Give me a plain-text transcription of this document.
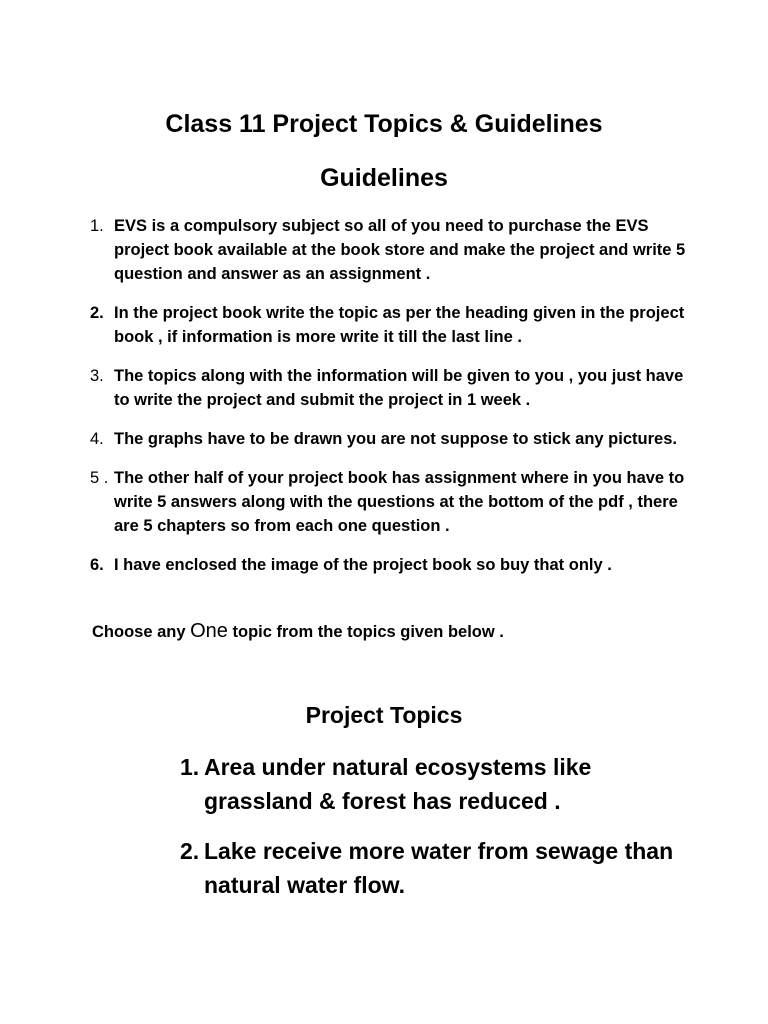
Class 11 Project Topics & Guidelines
Guidelines
1. EVS is a compulsory subject so all of you need to purchase the EVS project book available at the book store and make the project and write 5 question and answer as an assignment .
2. In the project book write the topic as per the heading given in the project book , if information is more write it till the last line .
3. The topics along with the information will be given to you , you just have to write the project and submit the project in 1 week .
4. The graphs have to be drawn you are not suppose to stick any pictures.
5 . The other half of your project book has assignment where in you have to write 5 answers along with the questions at the bottom of the pdf , there are 5 chapters so from each one question .
6. I have enclosed the image of the project book so buy that only .

Choose any One topic from the topics given below .

Project Topics
1. Area under natural ecosystems like grassland & forest has reduced .
2. Lake receive more water from sewage than natural water flow.
